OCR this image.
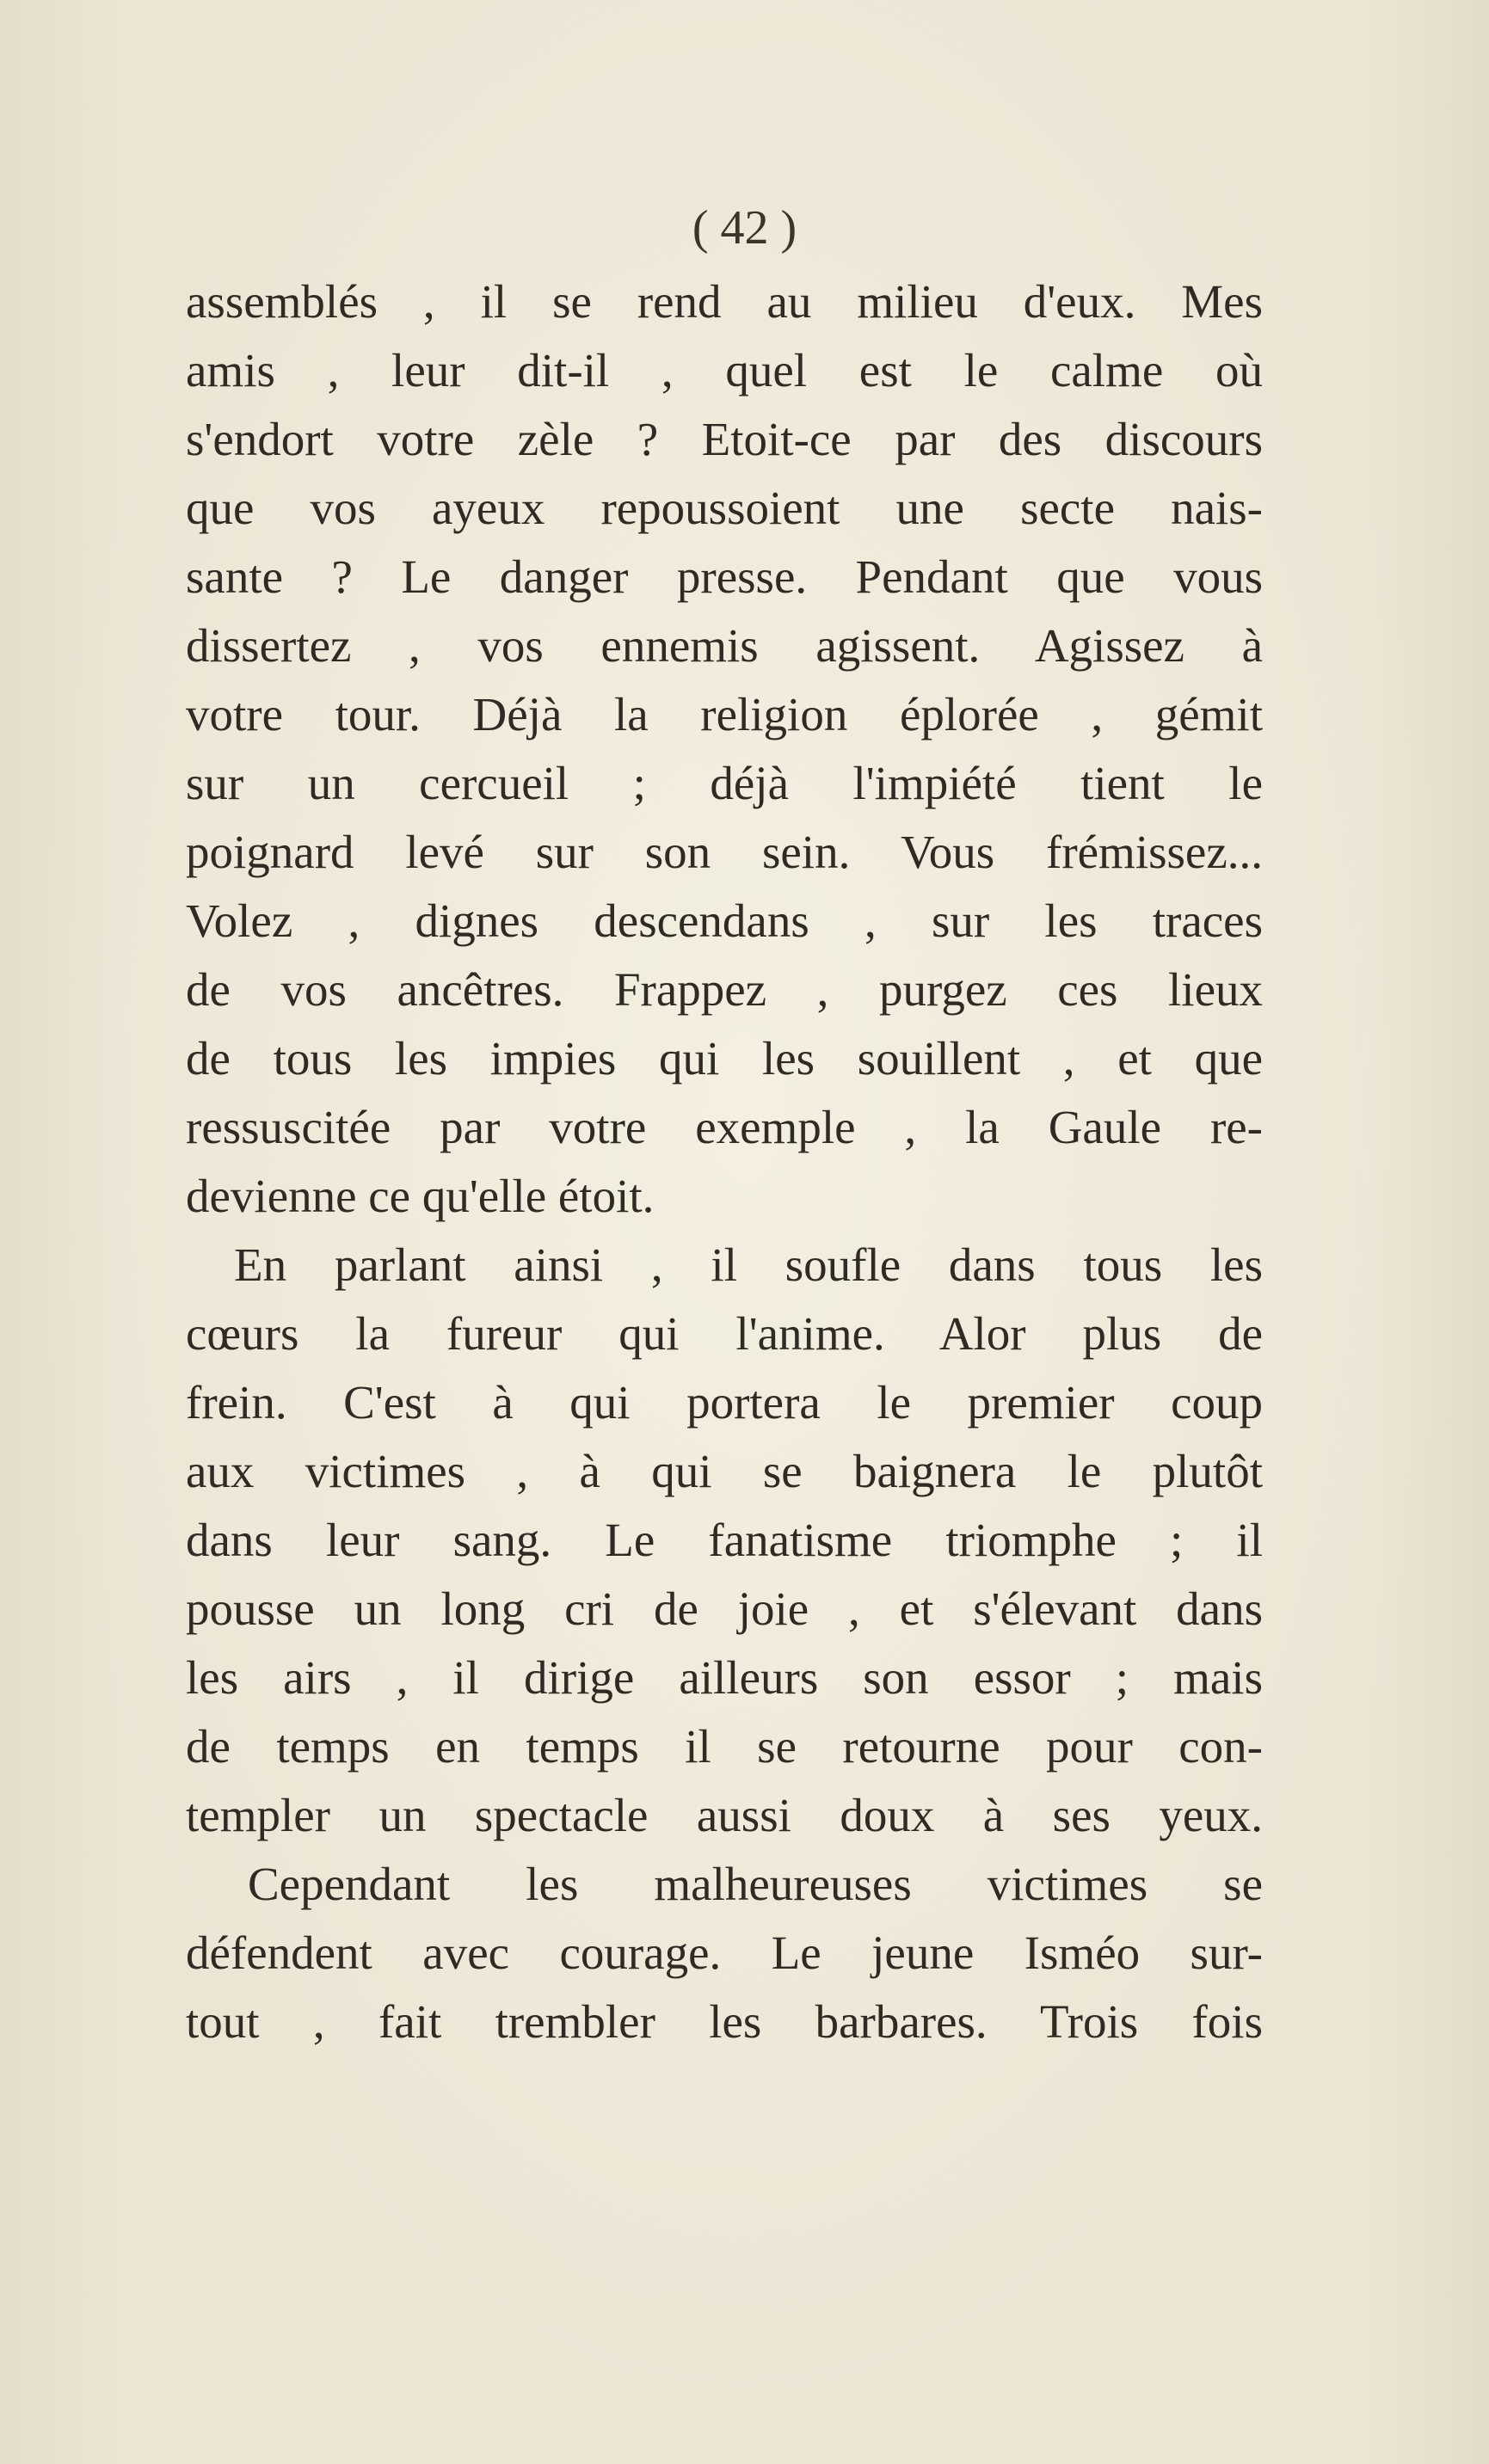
( 42 )
assemblés , il se rend au milieu d'eux. Mes
amis , leur dit-il , quel est le calme où
s'endort votre zèle ? Etoit-ce par des discours
que vos ayeux repoussoient une secte nais-
sante ? Le danger presse. Pendant que vous
dissertez , vos ennemis agissent. Agissez à
votre tour. Déjà la religion éplorée , gémit
sur un cercueil ; déjà l'impiété tient le
poignard levé sur son sein. Vous frémissez...
Volez , dignes descendans , sur les traces
de vos ancêtres. Frappez , purgez ces lieux
de tous les impies qui les souillent , et que
ressuscitée par votre exemple , la Gaule re-
devienne ce qu'elle étoit.
En parlant ainsi , il soufle dans tous les
cœurs la fureur qui l'anime. Alor plus de
frein. C'est à qui portera le premier coup
aux victimes , à qui se baignera le plutôt
dans leur sang. Le fanatisme triomphe ; il
pousse un long cri de joie , et s'élevant dans
les airs , il dirige ailleurs son essor ; mais
de temps en temps il se retourne pour con-
templer un spectacle aussi doux à ses yeux.
Cependant les malheureuses victimes se
défendent avec courage. Le jeune Isméo sur-
tout , fait trembler les barbares. Trois fois
